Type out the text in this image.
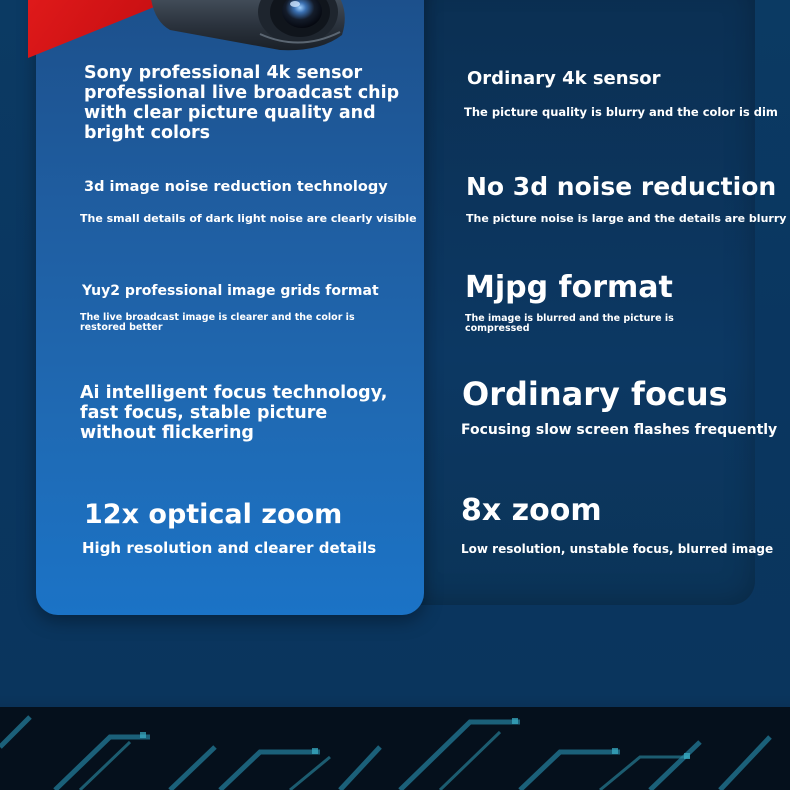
Sony professional 4k sensor professional live broadcast chip with clear picture quality and bright colors
3d image noise reduction technology
The small details of dark light noise are clearly visible
Yuy2 professional image grids format
The live broadcast image is clearer and the color is restored better
Ai intelligent focus technology, fast focus, stable picture without flickering
12x optical zoom
High resolution and clearer details
Ordinary 4k sensor
The picture quality is blurry and the color is dim
No 3d noise reduction
The picture noise is large and the details are blurry
Mjpg format
The image is blurred and the picture is compressed
Ordinary focus
Focusing slow screen flashes frequently
8x zoom
Low resolution, unstable focus, blurred image
